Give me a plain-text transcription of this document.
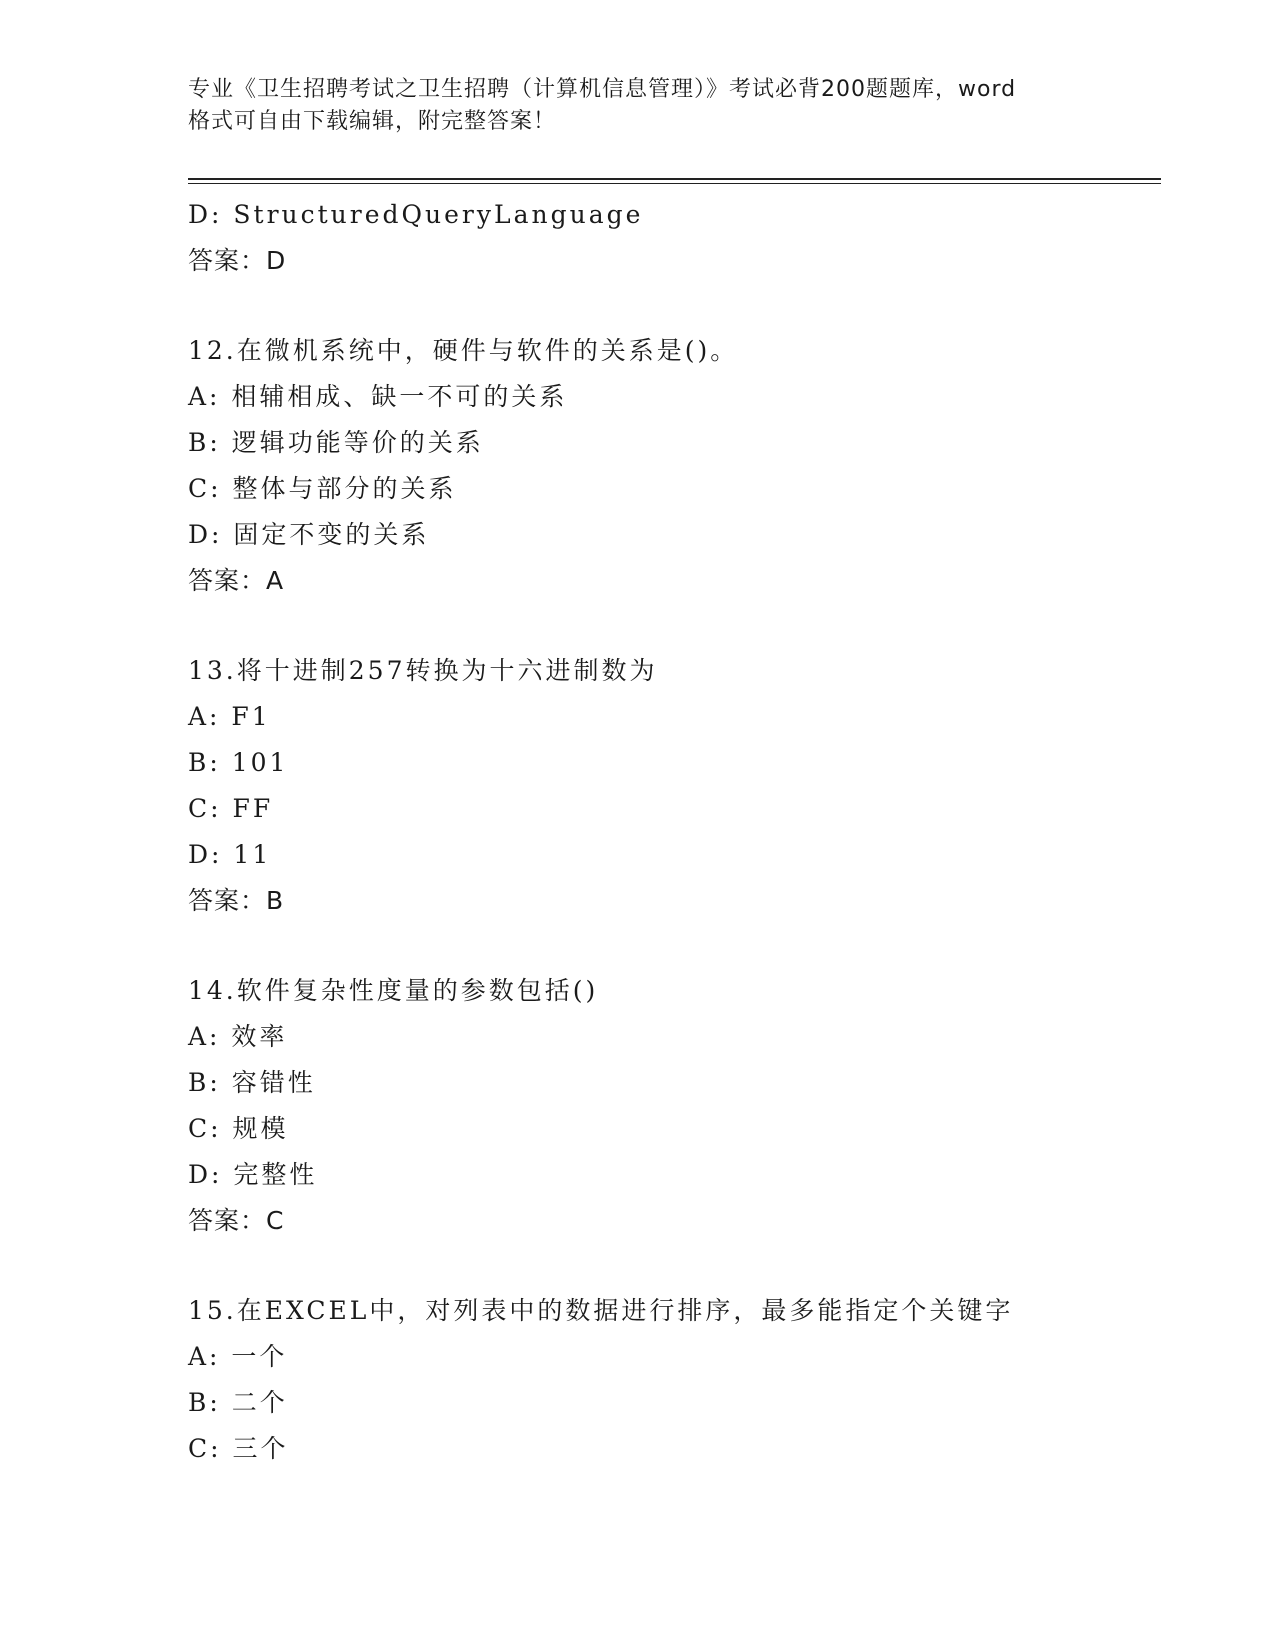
专业《卫生招聘考试之卫生招聘（计算机信息管理）》考试必背200题题库，word
格式可自由下载编辑，附完整答案！
D: StructuredQueryLanguage
答案：D
12.在微机系统中，硬件与软件的关系是()。
A: 相辅相成、缺一不可的关系
B: 逻辑功能等价的关系
C: 整体与部分的关系
D: 固定不变的关系
答案：A
13.将十进制257转换为十六进制数为
A: F1
B: 101
C: FF
D: 11
答案：B
14.软件复杂性度量的参数包括()
A: 效率
B: 容错性
C: 规模
D: 完整性
答案：C
15.在EXCEL中，对列表中的数据进行排序，最多能指定个关键字
A: 一个
B: 二个
C: 三个
